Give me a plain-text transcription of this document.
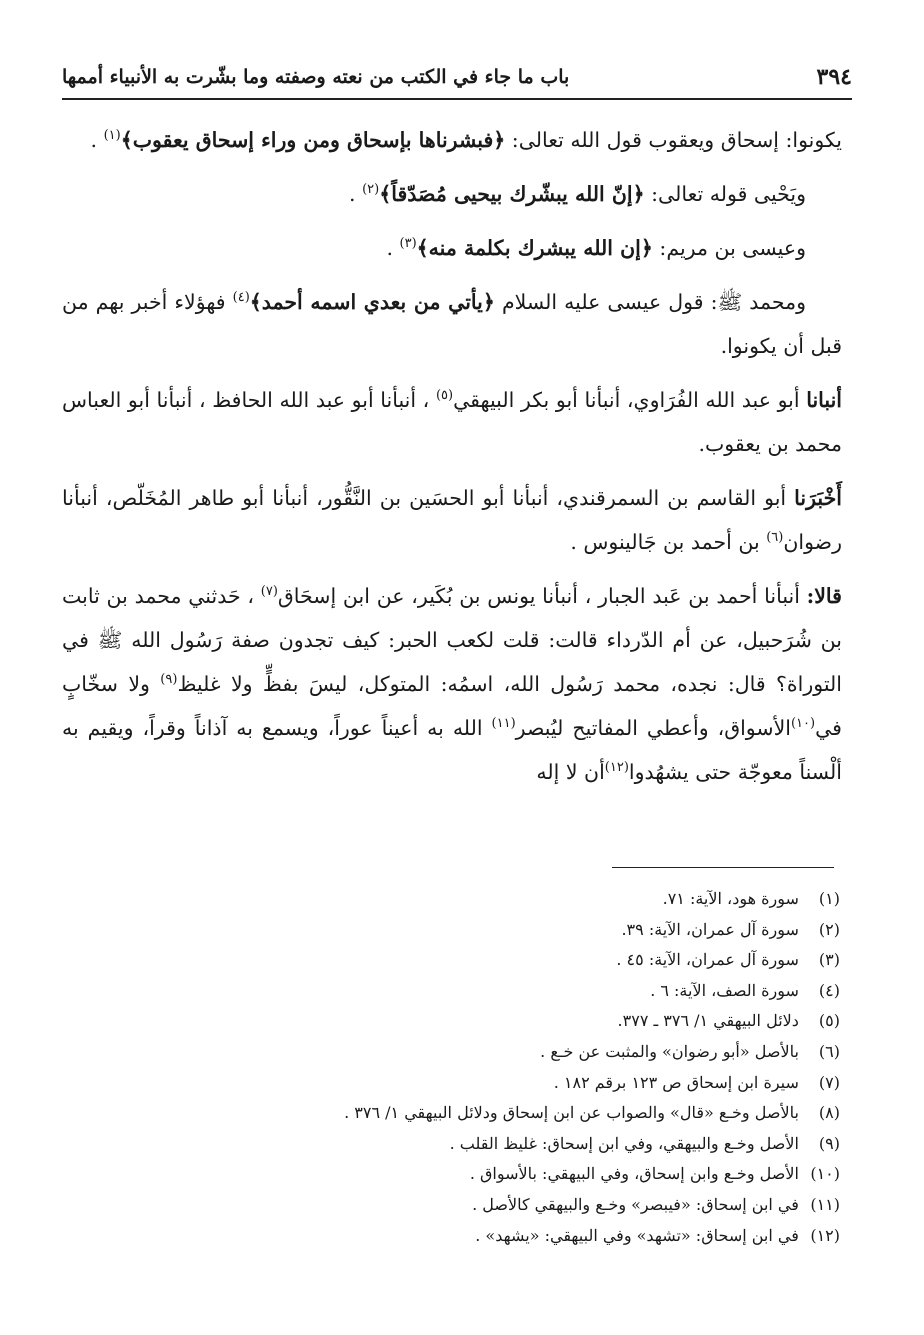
٣٩٤
باب ما جاء في الكتب من نعته وصفته وما بشّرت به الأنبياء أممها

يكونوا: إسحاق ويعقوب قول الله تعالى: ﴿فبشرناها بإسحاق ومن وراء إسحاق يعقوب﴾$^{(١)}$ .

ويَحْيى قوله تعالى: ﴿إنّ الله يبشّرك بيحيى مُصَدّقاً﴾$^{(٢)}$ .

وعيسى بن مريم: ﴿إن الله يبشرك بكلمة منه﴾$^{(٣)}$ .

ومحمد ﷺ: قول عيسى عليه السلام ﴿يأتي من بعدي اسمه أحمد﴾$^{(٤)}$ فهؤلاء أخبر بهم من قبل أن يكونوا.

أنبانا أبو عبد الله الفُرَاوي، أنبأنا أبو بكر البيهقي$^{(٥)}$ ، أنبأنا أبو عبد الله الحافظ ، أنبأنا أبو العباس محمد بن يعقوب.

أَخْبَرَنا أبو القاسم بن السمرقندي، أنبأنا أبو الحسَين بن النَّقُّور، أنبأنا أبو طاهر المُخَلّص، أنبأنا رضوان$^{(٦)}$ بن أحمد بن جَالينوس .

قالا: أنبأنا أحمد بن عَبد الجبار ، أنبأنا يونس بن بُكَير، عن ابن إسحَاق$^{(٧)}$ ، حَدثني محمد بن ثابت بن شُرَحبيل، عن أم الدّرداء قالت: قلت لكعب الحبر: كيف تجدون صفة رَسُول الله ﷺ في التوراة؟ قال: نجده، محمد رَسُول الله، اسمُه: المتوكل، ليسَ بفظٍّ ولا غليظ$^{(٩)}$ ولا سخّابٍ في$^{(١٠)}$الأسواق، وأعطي المفاتيح ليُبصر$^{(١١)}$ الله به أعيناً عوراً، ويسمع به آذاناً وقراً، ويقيم به ألْسناً معوجّة حتى يشهُدوا$^{(١٢)}$أن لا إله

(١) سورة هود، الآية: ٧١.
(٢) سورة آل عمران، الآية: ٣٩.
(٣) سورة آل عمران، الآية: ٤٥ .
(٤) سورة الصف، الآية: ٦ .
(٥) دلائل البيهقي ١/ ٣٧٦ ـ ٣٧٧.
(٦) بالأصل «أبو رضوان» والمثبت عن خـع .
(٧) سيرة ابن إسحاق ص ١٢٣ برقم ١٨٢ .
(٨) بالأصل وخـع «قال» والصواب عن ابن إسحاق ودلائل البيهقي ١/ ٣٧٦ .
(٩) الأصل وخـع والبيهقي، وفي ابن إسحاق: غليظ القلب .
(١٠) الأصل وخـع وابن إسحاق، وفي البيهقي: بالأسواق .
(١١) في ابن إسحاق: «فيبصر» وخـع والبيهقي كالأصل .
(١٢) في ابن إسحاق: «تشهد» وفي البيهقي: «يشهد» .
